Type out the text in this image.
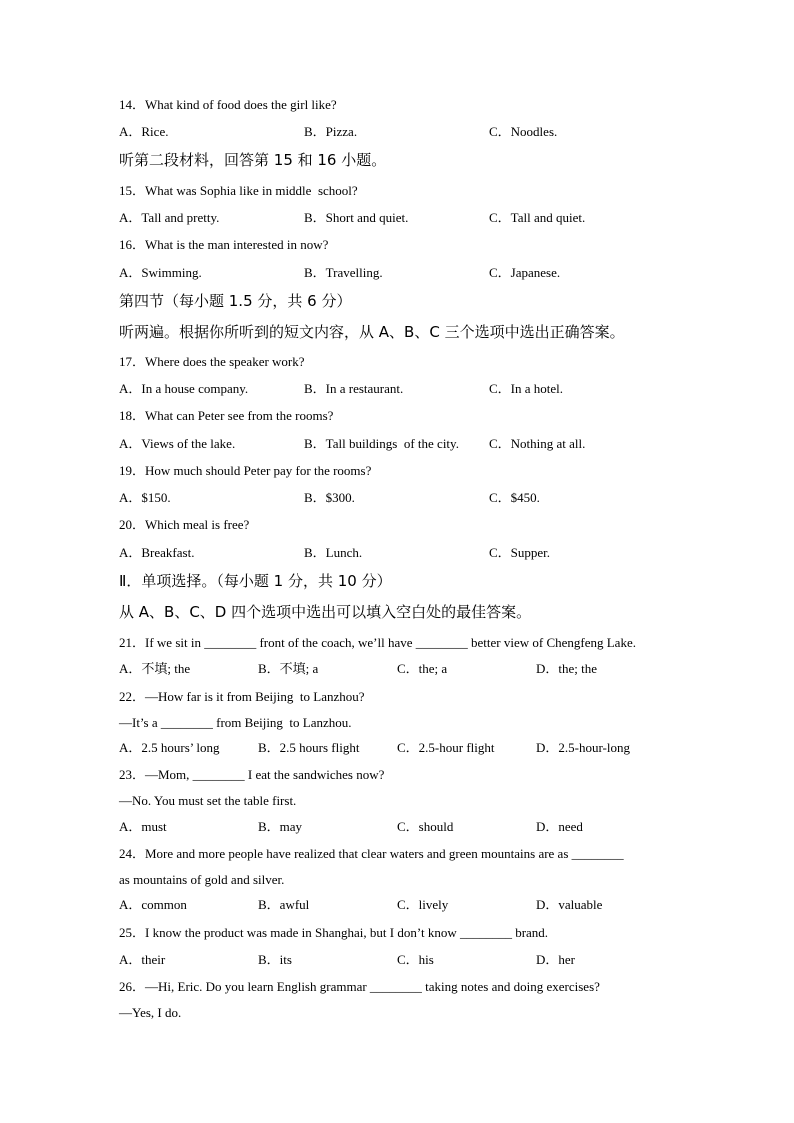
14．What kind of food does the girl like?
A．Rice.	B．Pizza.	C．Noodles.
听第二段材料，回答第 15 和 16 小题。
15．What was Sophia like in middle  school?
A．Tall and pretty.	B．Short and quiet.	C．Tall and quiet.
16．What is the man interested in now?
A．Swimming.	B．Travelling.	C．Japanese.
第四节（每小题 1.5 分，共 6 分）
听两遍。根据你所听到的短文内容，从 A、B、C 三个选项中选出正确答案。
17．Where does the speaker work?
A．In a house company.	B．In a restaurant.	C．In a hotel.
18．What can Peter see from the rooms?
A．Views of the lake.	B．Tall buildings  of the city. C．Nothing at all.
19．How much should Peter pay for the rooms?
A．$150.	B．$300.	C．$450.
20．Which meal is free?
A．Breakfast.	B．Lunch.	C．Supper.
Ⅱ．单项选择。（每小题 1 分，共 10 分）
从 A、B、C、D 四个选项中选出可以填入空白处的最佳答案。
21．If we sit in ________ front of the coach, we’ll have ________ better view of Chengfeng Lake.
A．不填; the	B．不填; a	C．the; a	D．the; the
22．—How far is it from Beijing  to Lanzhou?
—It’s a ________ from Beijing  to Lanzhou.
A．2.5 hours’ long	B．2.5 hours flight	C．2.5-hour flight	D．2.5-hour-long
23．—Mom, ________ I eat the sandwiches now?
—No. You must set the table first.
A．must	B．may	C．should	D．need
24．More and more people have realized that clear waters and green mountains are as ________
as mountains of gold and silver.
A．common	B．awful	C．lively	D．valuable
25．I know the product was made in Shanghai, but I don’t know ________ brand.
A．their	B．its	C．his	D．her
26．—Hi, Eric. Do you learn English grammar ________ taking notes and doing exercises?
—Yes, I do.
